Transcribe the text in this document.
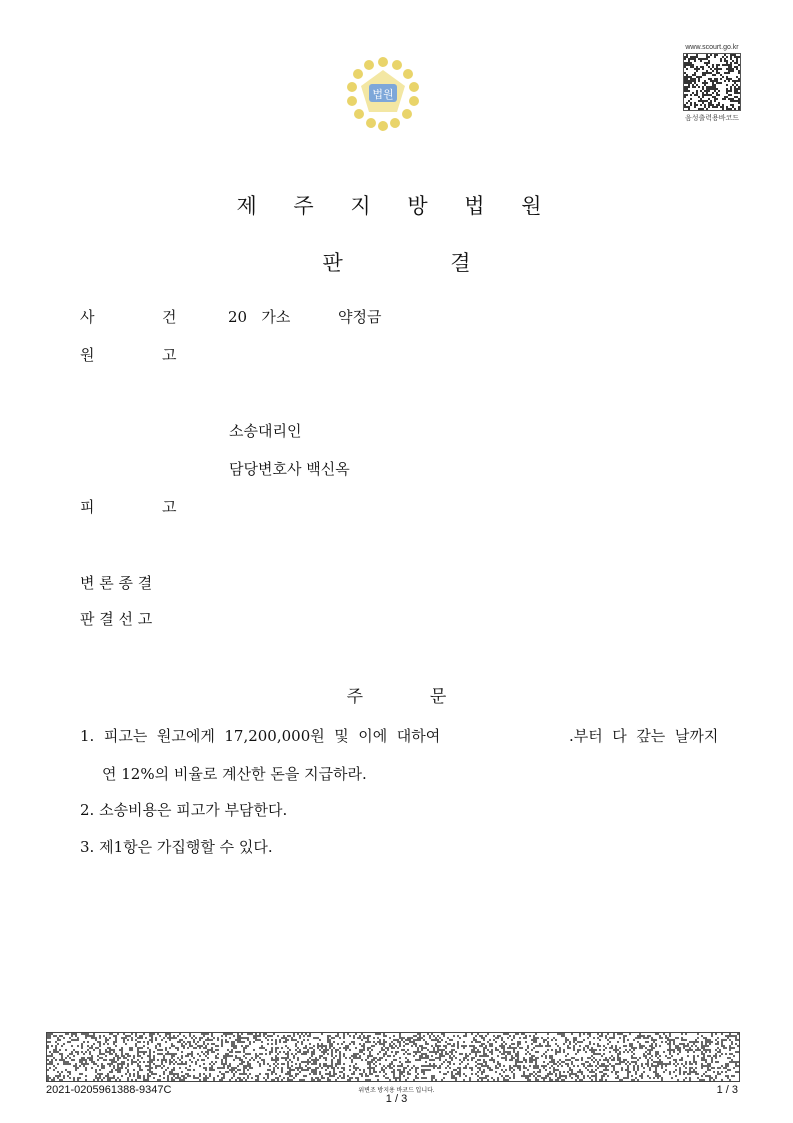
법원
www.scourt.go.kr
음성출력용바코드
제 주 지 방 법 원
판	결
사	건	20   가소          약정금
원	고
소송대리인
담당변호사 백신옥
피	고
변 론 종 결
판 결 선 고
주	문
1.  피고는  원고에게  17,200,000원  및  이에  대하여                           .부터  다  갚는  날까지
연 12%의 비율로 계산한 돈을 지급하라.
2. 소송비용은 피고가 부담한다.
3. 제1항은 가집행할 수 있다.
2021-0205961388-9347C	위변조 방지용 바코드 입니다.
1 / 3
1 / 3
